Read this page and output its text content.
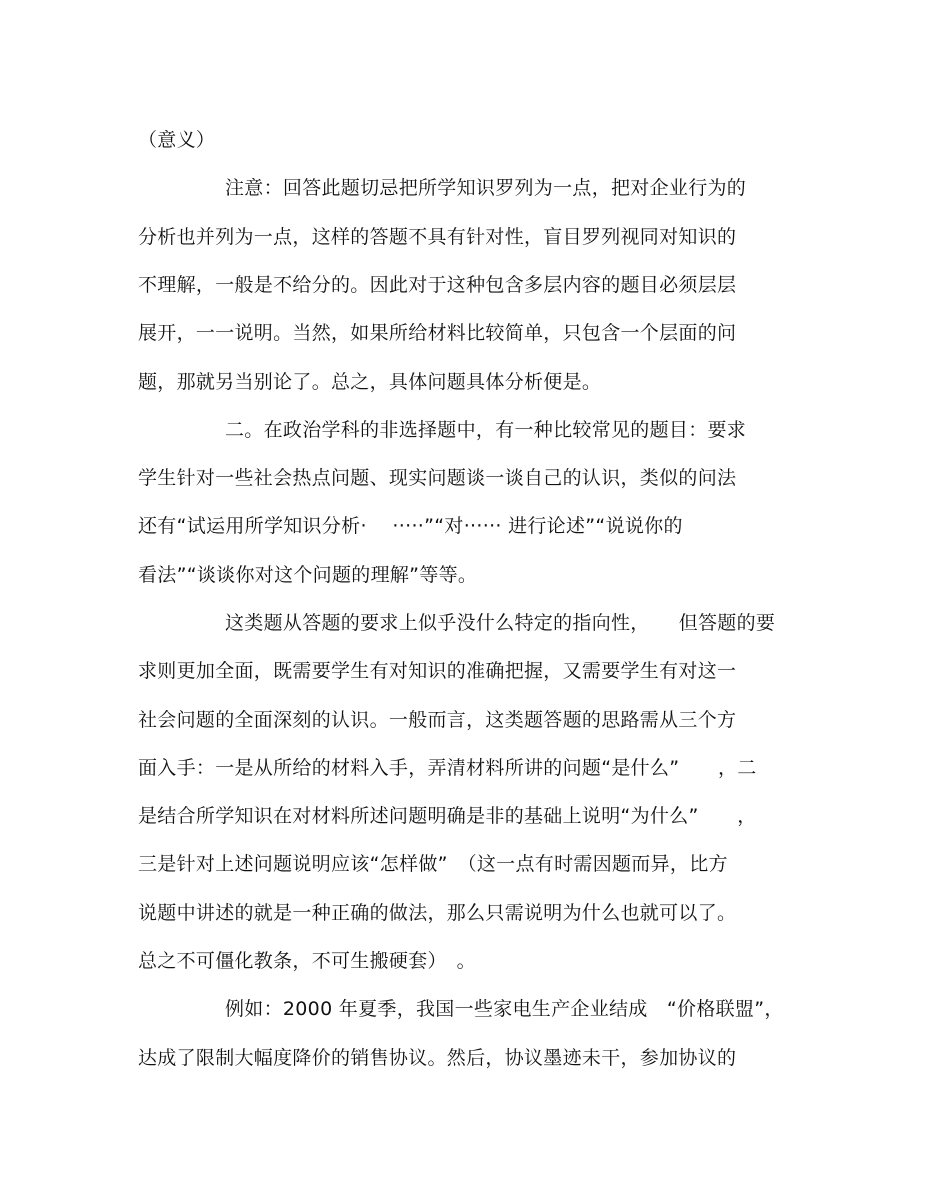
（意义）
注意：回答此题切忌把所学知识罗列为一点，把对企业行为的
分析也并列为一点，这样的答题不具有针对性，盲目罗列视同对知识的
不理解，一般是不给分的。因此对于这种包含多层内容的题目必须层层
展开，一一说明。当然，如果所给材料比较简单，只包含一个层面的问
题，那就另当别论了。总之，具体问题具体分析便是。
二。在政治学科的非选择题中，有一种比较常见的题目：要求
学生针对一些社会热点问题、现实问题谈一谈自己的认识，类似的问法
还有“试运用所学知识分析·　 ·····”“对······ 进行论述”“说说你的
看法”“谈谈你对这个问题的理解”等等。
这类题从答题的要求上似乎没什么特定的指向性，　　但答题的要
求则更加全面，既需要学生有对知识的准确把握，又需要学生有对这一
社会问题的全面深刻的认识。一般而言，这类题答题的思路需从三个方
面入手：一是从所给的材料入手，弄清材料所讲的问题“是什么”　　，二
是结合所学知识在对材料所述问题明确是非的基础上说明“为什么”　　，
三是针对上述问题说明应该“怎样做”　（这一点有时需因题而异，比方
说题中讲述的就是一种正确的做法，那么只需说明为什么也就可以了。
总之不可僵化教条，不可生搬硬套）　。
例如：2000 年夏季，我国一些家电生产企业结成　“价格联盟”，
达成了限制大幅度降价的销售协议。然后，协议墨迹未干，参加协议的
